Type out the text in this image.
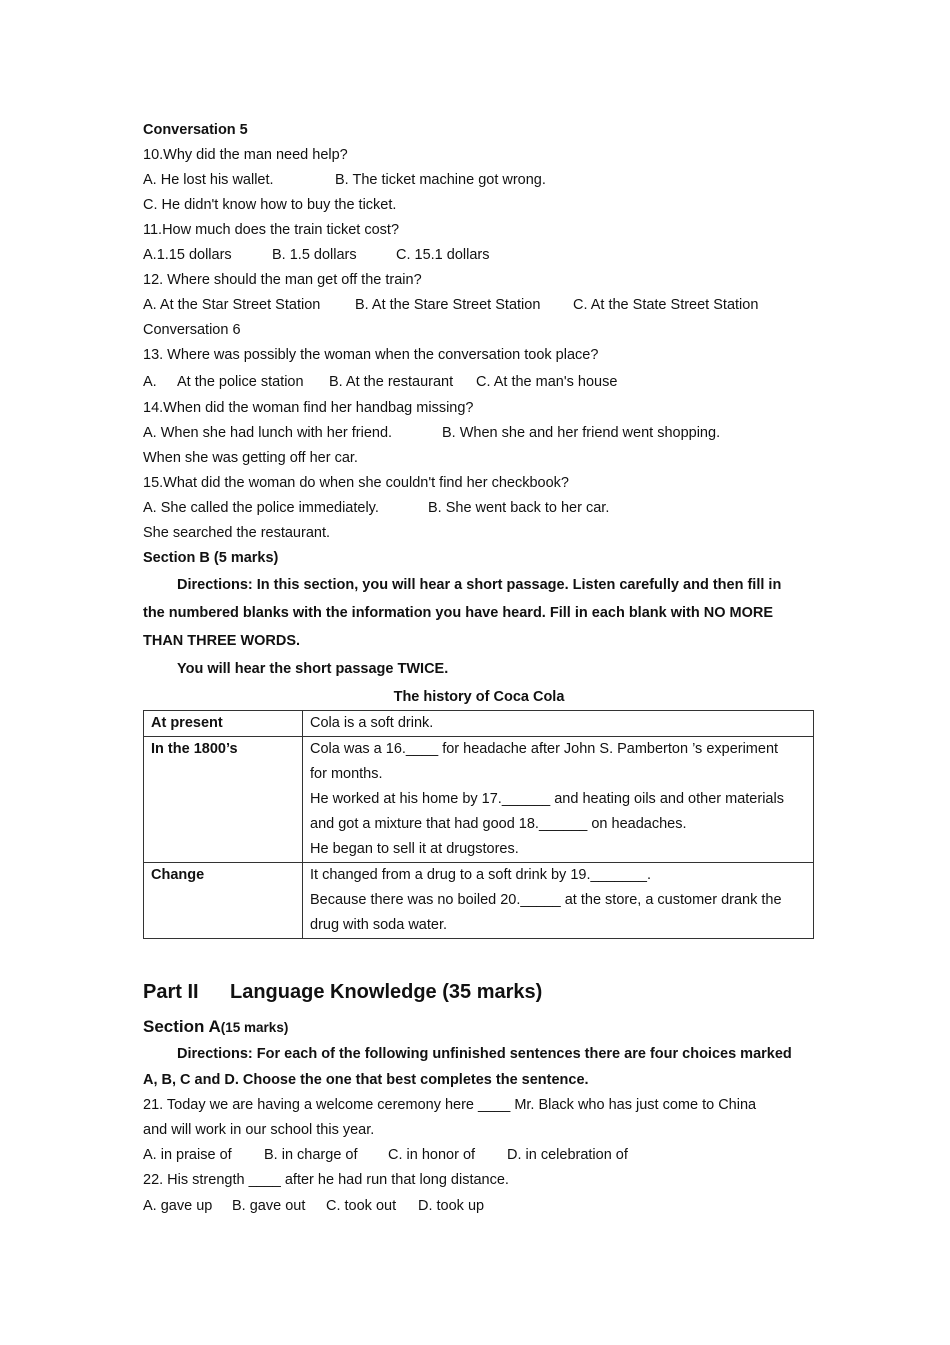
Conversation 5
10.Why did the man need help?
A. He lost his wallet.	B. The ticket machine got wrong.
C. He didn't know how to buy the ticket.
11.How much does the train ticket cost?
A.1.15 dollars	B. 1.5 dollars	C. 15.1 dollars
12. Where should the man get off the train?
A. At the Star Street Station B. At the Stare Street Station C. At the State Street Station
Conversation 6
13. Where was possibly the woman when the conversation took place?
A. At the police station B. At the restaurant C. At the man's house
14.When did the woman find her handbag missing?
A. When she had lunch with her friend.	B. When she and her friend went shopping.
When she was getting off her car.
15.What did the woman do when she couldn't find her checkbook?
A. She called the police immediately.	B. She went back to her car.
She searched the restaurant.
Section B (5 marks)
Directions: In this section, you will hear a short passage. Listen carefully and then fill in
the numbered blanks with the information you have heard. Fill in each blank with NO MORE
THAN THREE WORDS.
You will hear the short passage TWICE.
The history of Coca Cola
At present	Cola is a soft drink.

In the 1800’s	Cola was a 16.____ for headache after John S. Pamberton ’s experiment
for months.
He worked at his home by 17.______ and heating oils and other materials
and got a mixture that had good 18.______ on headaches.
He began to sell it at drugstores.

Change	It changed from a drug to a soft drink by 19._______.
Because there was no boiled 20._____ at the store, a customer drank the
drug with soda water.
Part II Language Knowledge (35 marks)
Section A(15 marks)
Directions: For each of the following unfinished sentences there are four choices marked
A, B, C and D. Choose the one that best completes the sentence.
21. Today we are having a welcome ceremony here ____ Mr. Black who has just come to China
and will work in our school this year.
A. in praise of B. in charge of C. in honor of D. in celebration of
22. His strength ____ after he had run that long distance.
A. gave up B. gave out C. took out D. took up
